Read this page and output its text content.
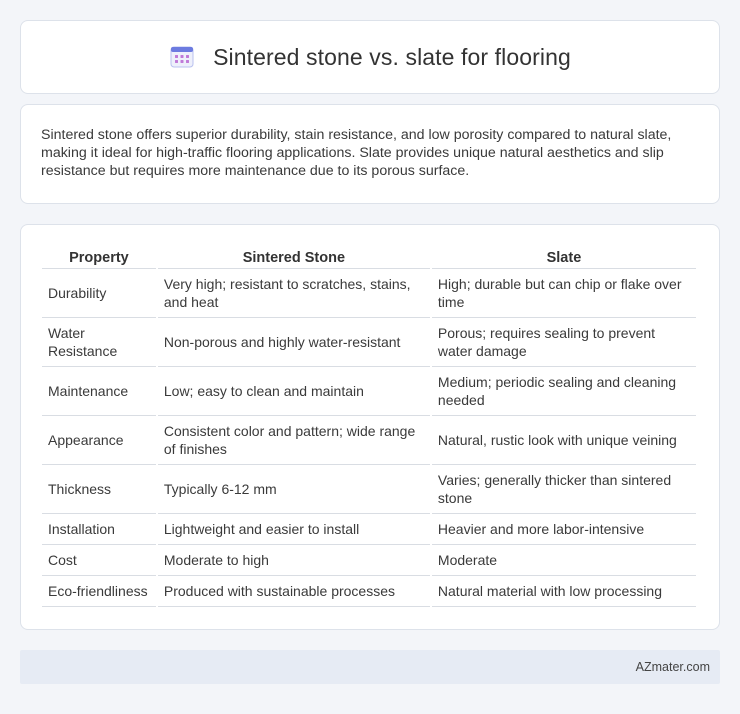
Sintered stone vs. slate for flooring

Sintered stone offers superior durability, stain resistance, and low porosity compared to natural slate, making it ideal for high-traffic flooring applications. Slate provides unique natural aesthetics and slip resistance but requires more maintenance due to its porous surface.

Property	Sintered Stone	Slate
Durability	Very high; resistant to scratches, stains, and heat	High; durable but can chip or flake over time
Water Resistance	Non-porous and highly water-resistant	Porous; requires sealing to prevent water damage
Maintenance	Low; easy to clean and maintain	Medium; periodic sealing and cleaning needed
Appearance	Consistent color and pattern; wide range of finishes	Natural, rustic look with unique veining
Thickness	Typically 6-12 mm	Varies; generally thicker than sintered stone
Installation	Lightweight and easier to install	Heavier and more labor-intensive
Cost	Moderate to high	Moderate
Eco-friendliness	Produced with sustainable processes	Natural material with low processing
AZmater.com
